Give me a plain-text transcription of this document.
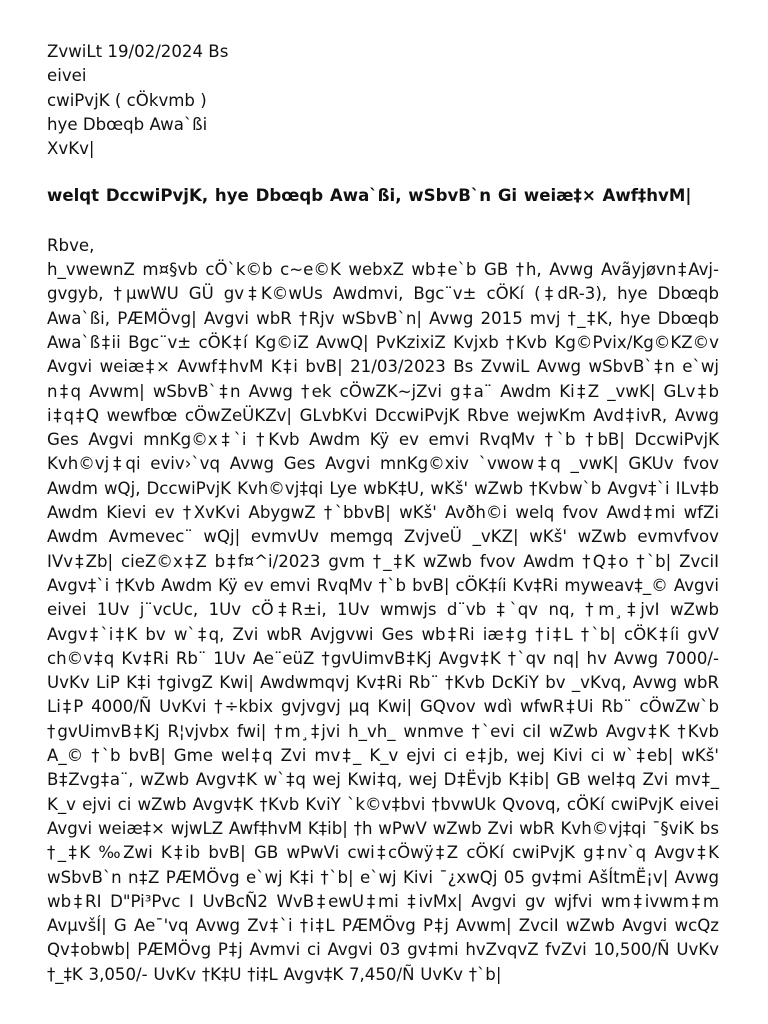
ZvwiLt 19/02/2024 Bs
eivei
cwiPvjK ( cÖkvmb )
hye Dbœqb Awa`ßi
XvKv|
welqt DccwiPvjK, hye Dbœqb Awa`ßi, wSbvB`n Gi weiæ‡× Awf‡hvM|
Rbve,
h_vwewnZ m¤§vb cÖ`k©b c~e©K webxZ wb‡e`b GB †h, Avwg Avãyjøvn‡Avj-gvgyb, †µwWU GÜ gv‡K©wUs Awdmvi, Bgc¨v± cÖKí (‡dR-3), hye Dbœqb Awa`ßi, PÆMÖvg| Avgvi wbR †Rjv wSbvB`n| Avwg 2015 mvj †_‡K, hye Dbœqb Awa`ß‡ii Bgc¨v± cÖK‡í Kg©iZ AvwQ| PvKzixiZ Kvjxb †Kvb Kg©Pvix/Kg©KZ©v Avgvi weiæ‡× Avwf‡hvM K‡i bvB| 21/03/2023 Bs ZvwiL Avwg wSbvB`‡n e`wj n‡q Avwm| wSbvB`‡n Avwg †ek cÖwZK~jZvi g‡a¨ Awdm Ki‡Z _vwK| GLv‡b i‡q‡Q wewfbœ cÖwZeÜKZv| GLvbKvi DccwiPvjK Rbve wejwKm Avd‡ivR, Avwg Ges Avgvi mnKg©x‡`i †Kvb Awdm Kÿ ev emvi RvqMv †`b †bB| DccwiPvjK Kvh©vj‡qi eviv›`vq Avwg Ges Avgvi mnKg©xiv `vwow‡q _vwK| GKUv fvov Awdm wQj, DccwiPvjK Kvh©vj‡qi Lye wbK‡U, wKš' wZwb †Kvbw`b Avgv‡`i ILv‡b Awdm Kievi ev †XvKvi AbygwZ †`bbvB| wKš' Avðh©i welq fvov Awd‡mi wfZi Awdm Avmevec¨ wQj| evmvUv memgq ZvjveÜ _vKZ| wKš' wZwb evmvfvov IVv‡Zb| cieZ©x‡Z b‡f¤^i/2023 gvm †_‡K wZwb fvov Awdm †Q‡o †`b| ZvciI Avgv‡`i †Kvb Awdm Kÿ ev emvi RvqMv †`b bvB| cÖK‡íi Kv‡Ri myweav‡_© Avgvi eivei 1Uv j¨vcUc, 1Uv cÖ‡R±i, 1Uv wmwjs d¨vb ‡`qv nq, †m¸‡jvI wZwb Avgv‡`i‡K bv w`‡q, Zvi wbR Avjgvwi Ges wb‡Ri iæ‡g †i‡L †`b| cÖK‡íi gvV ch©v‡q Kv‡Ri Rb¨ 1Uv Ae¨eüZ †gvUimvB‡Kj Avgv‡K †`qv nq| hv Avwg 7000/- UvKv LiP K‡i †givgZ Kwi| Awdwmqvj Kv‡Ri Rb¨ †Kvb DcKiY bv _vKvq, Avwg wbR Li‡P 4000/Ñ UvKvi †÷kbix gvjvgvj µq Kwi| GQvov wdì wfwR‡Ui Rb¨ cÖwZw`b †gvUimvB‡Kj R¦vjvbx fwi| †m¸‡jvi h_vh_ wnmve †`evi ciI wZwb Avgv‡K †Kvb A_© †`b bvB| Gme wel‡q Zvi mv‡_ K_v ejvi ci e‡jb, wej Kivi ci w`‡eb| wKš' B‡Zvg‡a¨, wZwb Avgv‡K w`‡q wej Kwi‡q, wej D‡Ëvjb K‡ib| GB wel‡q Zvi mv‡_ K_v ejvi ci wZwb Avgv‡K †Kvb KviY `k©v‡bvi †bvwUk Qvovq, cÖKí cwiPvjK eivei Avgvi weiæ‡× wjwLZ Awf‡hvM K‡ib| †h wPwV wZwb Zvi wbR Kvh©vj‡qi ¯§viK bs †_‡K ‰Zwi K‡ib bvB| GB wPwVi cwi‡cÖwÿ‡Z cÖKí cwiPvjK g‡nv`q Avgv‡K wSbvB`n n‡Z PÆMÖvg e`wj K‡i †`b| e`wj Kivi ¯¿xwQj 05 gv‡mi AšÍtmË¡v| Avwg wb‡RI D"Pi³Pvc I UvBcÑ2 WvB‡ewU‡mi ‡ivMx| Avgvi gv wjfvi wm‡ivwm‡m AvµvšÍ| G Ae¯'vq Avwg Zv‡`i †i‡L PÆMÖvg P‡j Avwm| ZvciI wZwb Avgvi wcQz Qv‡obwb| PÆMÖvg P‡j Avmvi ci Avgvi 03 gv‡mi hvZvqvZ fvZvi 10,500/Ñ UvKv †_‡K 3,050/- UvKv †K‡U †i‡L Avgv‡K 7,450/Ñ UvKv †`b|
